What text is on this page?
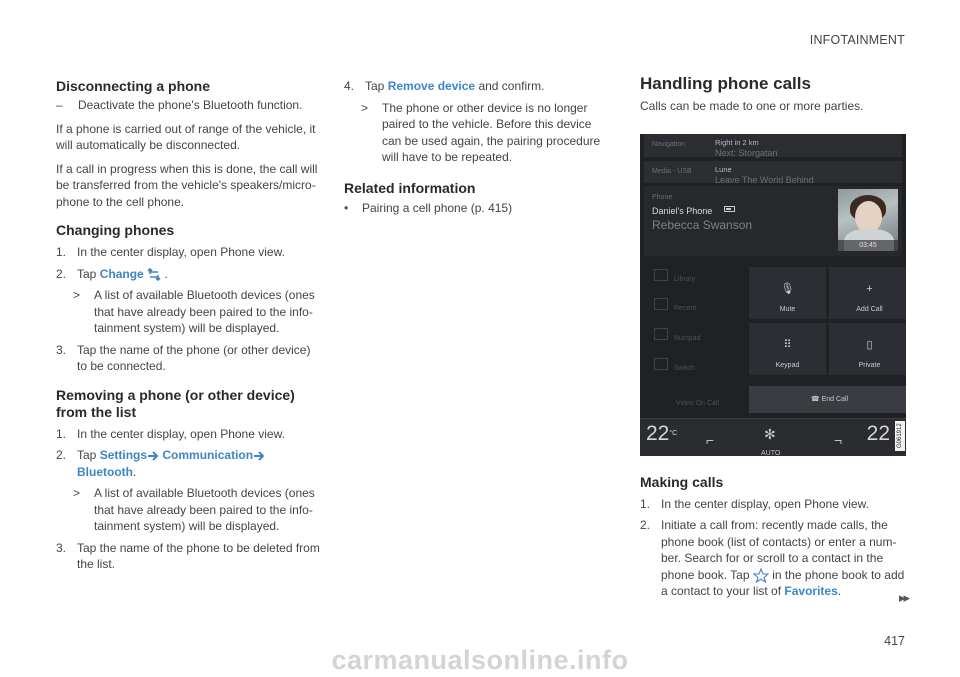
INFOTAINMENT
Disconnecting a phone
–	Deactivate the phone's Bluetooth function.

If a phone is carried out of range of the vehicle, it will automatically be disconnected.

If a call in progress when this is done, the call will be transferred from the vehicle's speakers/micro-phone to the cell phone.

Changing phones
1. In the center display, open Phone view.
2. Tap Change .
>	A list of available Bluetooth devices (ones that have already been paired to the info-tainment system) will be displayed.
3. Tap the name of the phone (or other device) to be connected.
Removing a phone (or other device) from the list
1. In the center display, open Phone view.
2. Tap Settings Communication Bluetooth.
>	A list of available Bluetooth devices (ones that have already been paired to the info-tainment system) will be displayed.
3. Tap the name of the phone to be deleted from the list.
4. Tap Remove device and confirm.
>	The phone or other device is no longer paired to the vehicle. Before this device can be used again, the pairing procedure will have to be repeated.
Related information
•	Pairing a cell phone (p. 415)
Handling phone calls

Calls can be made to one or more parties.

Navigation	Right in 2 km
Next: Storgatan
Media - USB	Lune
Leave The World Behind
Phone
Daniel's Phone
Rebecca Swanson
03:45
Library
Recent
Numpad
Switch
🎙
Mute
+
Add Call
⠿
Keypad
▯
Private
Video On Call
☎ End Call
$22^{^\circ C}$ ⌐	✻
AUTO
¬ 22	G061912
Making calls
1. In the center display, open Phone view.
2. Initiate a call from: recently made calls, the phone book (list of contacts) or enter a num-ber. Search for or scroll to a contact in the phone book. Tap in the phone book to add a contact to your list of Favorites.	▸▸
417
carmanualsonline.info
